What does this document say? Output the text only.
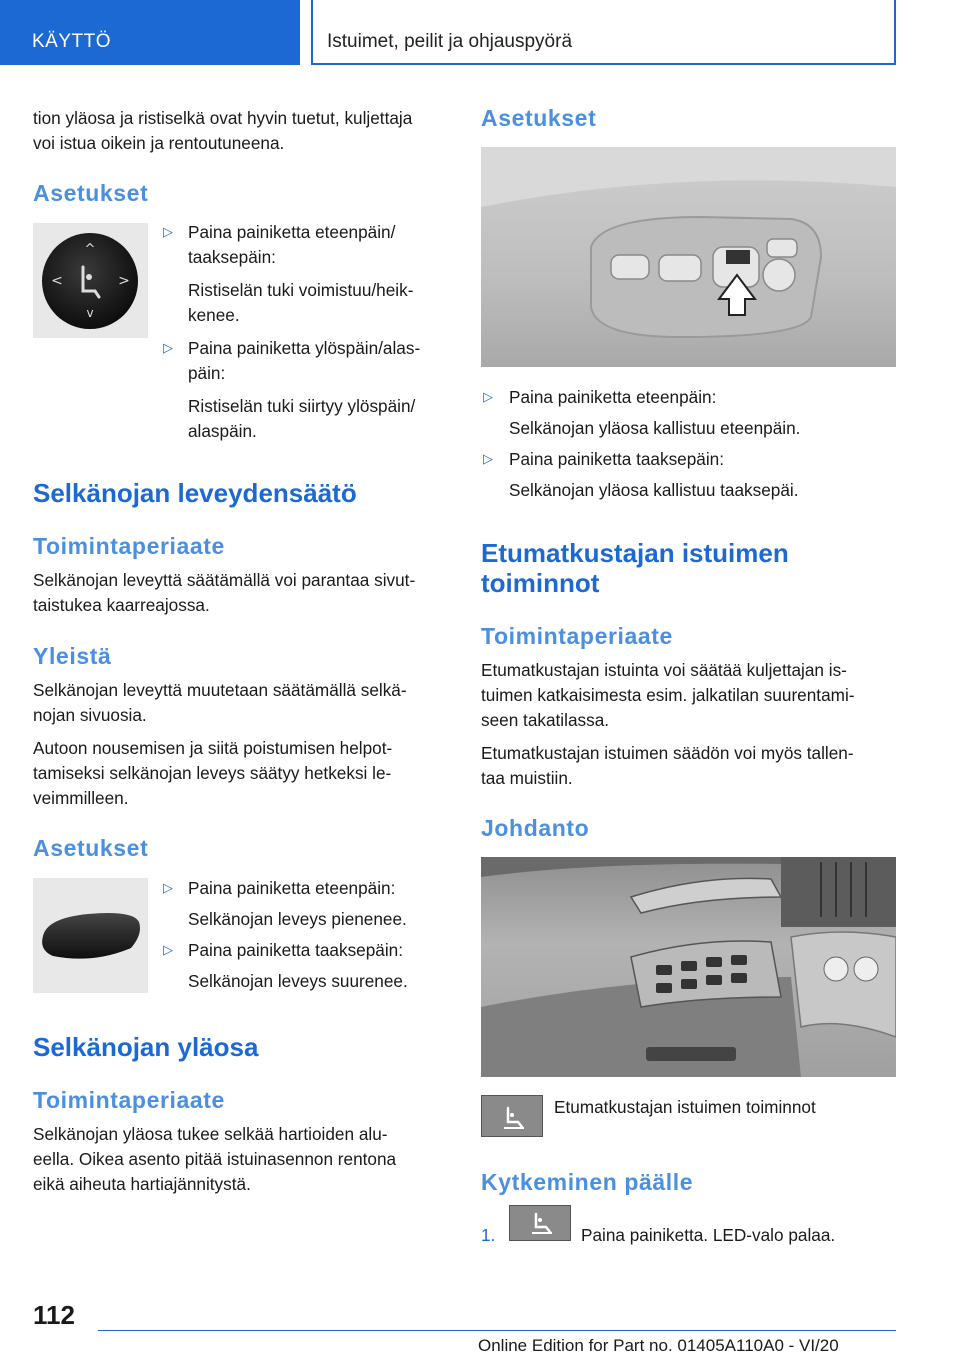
KÄYTTÖ	Istuimet, peilit ja ohjauspyörä
tion yläosa ja ristiselkä ovat hyvin tuetut, kuljettaja
voi istua oikein ja rentoutuneena.
Asetukset
^
v
<	>
▷ Paina painiketta eteenpäin/
taaksepäin:
Ristiselän tuki voimistuu/heik-
kenee.
▷ Paina painiketta ylöspäin/alas-
päin:
Ristiselän tuki siirtyy ylöspäin/
alaspäin.
Selkänojan leveydensäätö
Toimintaperiaate
Selkänojan leveyttä säätämällä voi parantaa sivut-
taistukea kaarreajossa.
Yleistä
Selkänojan leveyttä muutetaan säätämällä selkä-
nojan sivuosia.
Autoon nousemisen ja siitä poistumisen helpot-
tamiseksi selkänojan leveys säätyy hetkeksi le-
veimmilleen.
Asetukset
▷ Paina painiketta eteenpäin:
Selkänojan leveys pienenee.
▷ Paina painiketta taaksepäin:
Selkänojan leveys suurenee.
Selkänojan yläosa
Toimintaperiaate
Selkänojan yläosa tukee selkää hartioiden alu-
eella. Oikea asento pitää istuinasennon rentona
eikä aiheuta hartiajännitystä.
Asetukset
▷ Paina painiketta eteenpäin:
Selkänojan yläosa kallistuu eteenpäin.
▷ Paina painiketta taaksepäin:
Selkänojan yläosa kallistuu taaksepäi.
Etumatkustajan istuimen
toiminnot
Toimintaperiaate
Etumatkustajan istuinta voi säätää kuljettajan is-
tuimen katkaisimesta esim. jalkatilan suurentami-
seen takatilassa.
Etumatkustajan istuimen säädön voi myös tallen-
taa muistiin.
Johdanto
Etumatkustajan istuimen toiminnot
Kytkeminen päälle
1.	Paina painiketta. LED-valo palaa.
112
Online Edition for Part no. 01405A110A0 - VI/20
